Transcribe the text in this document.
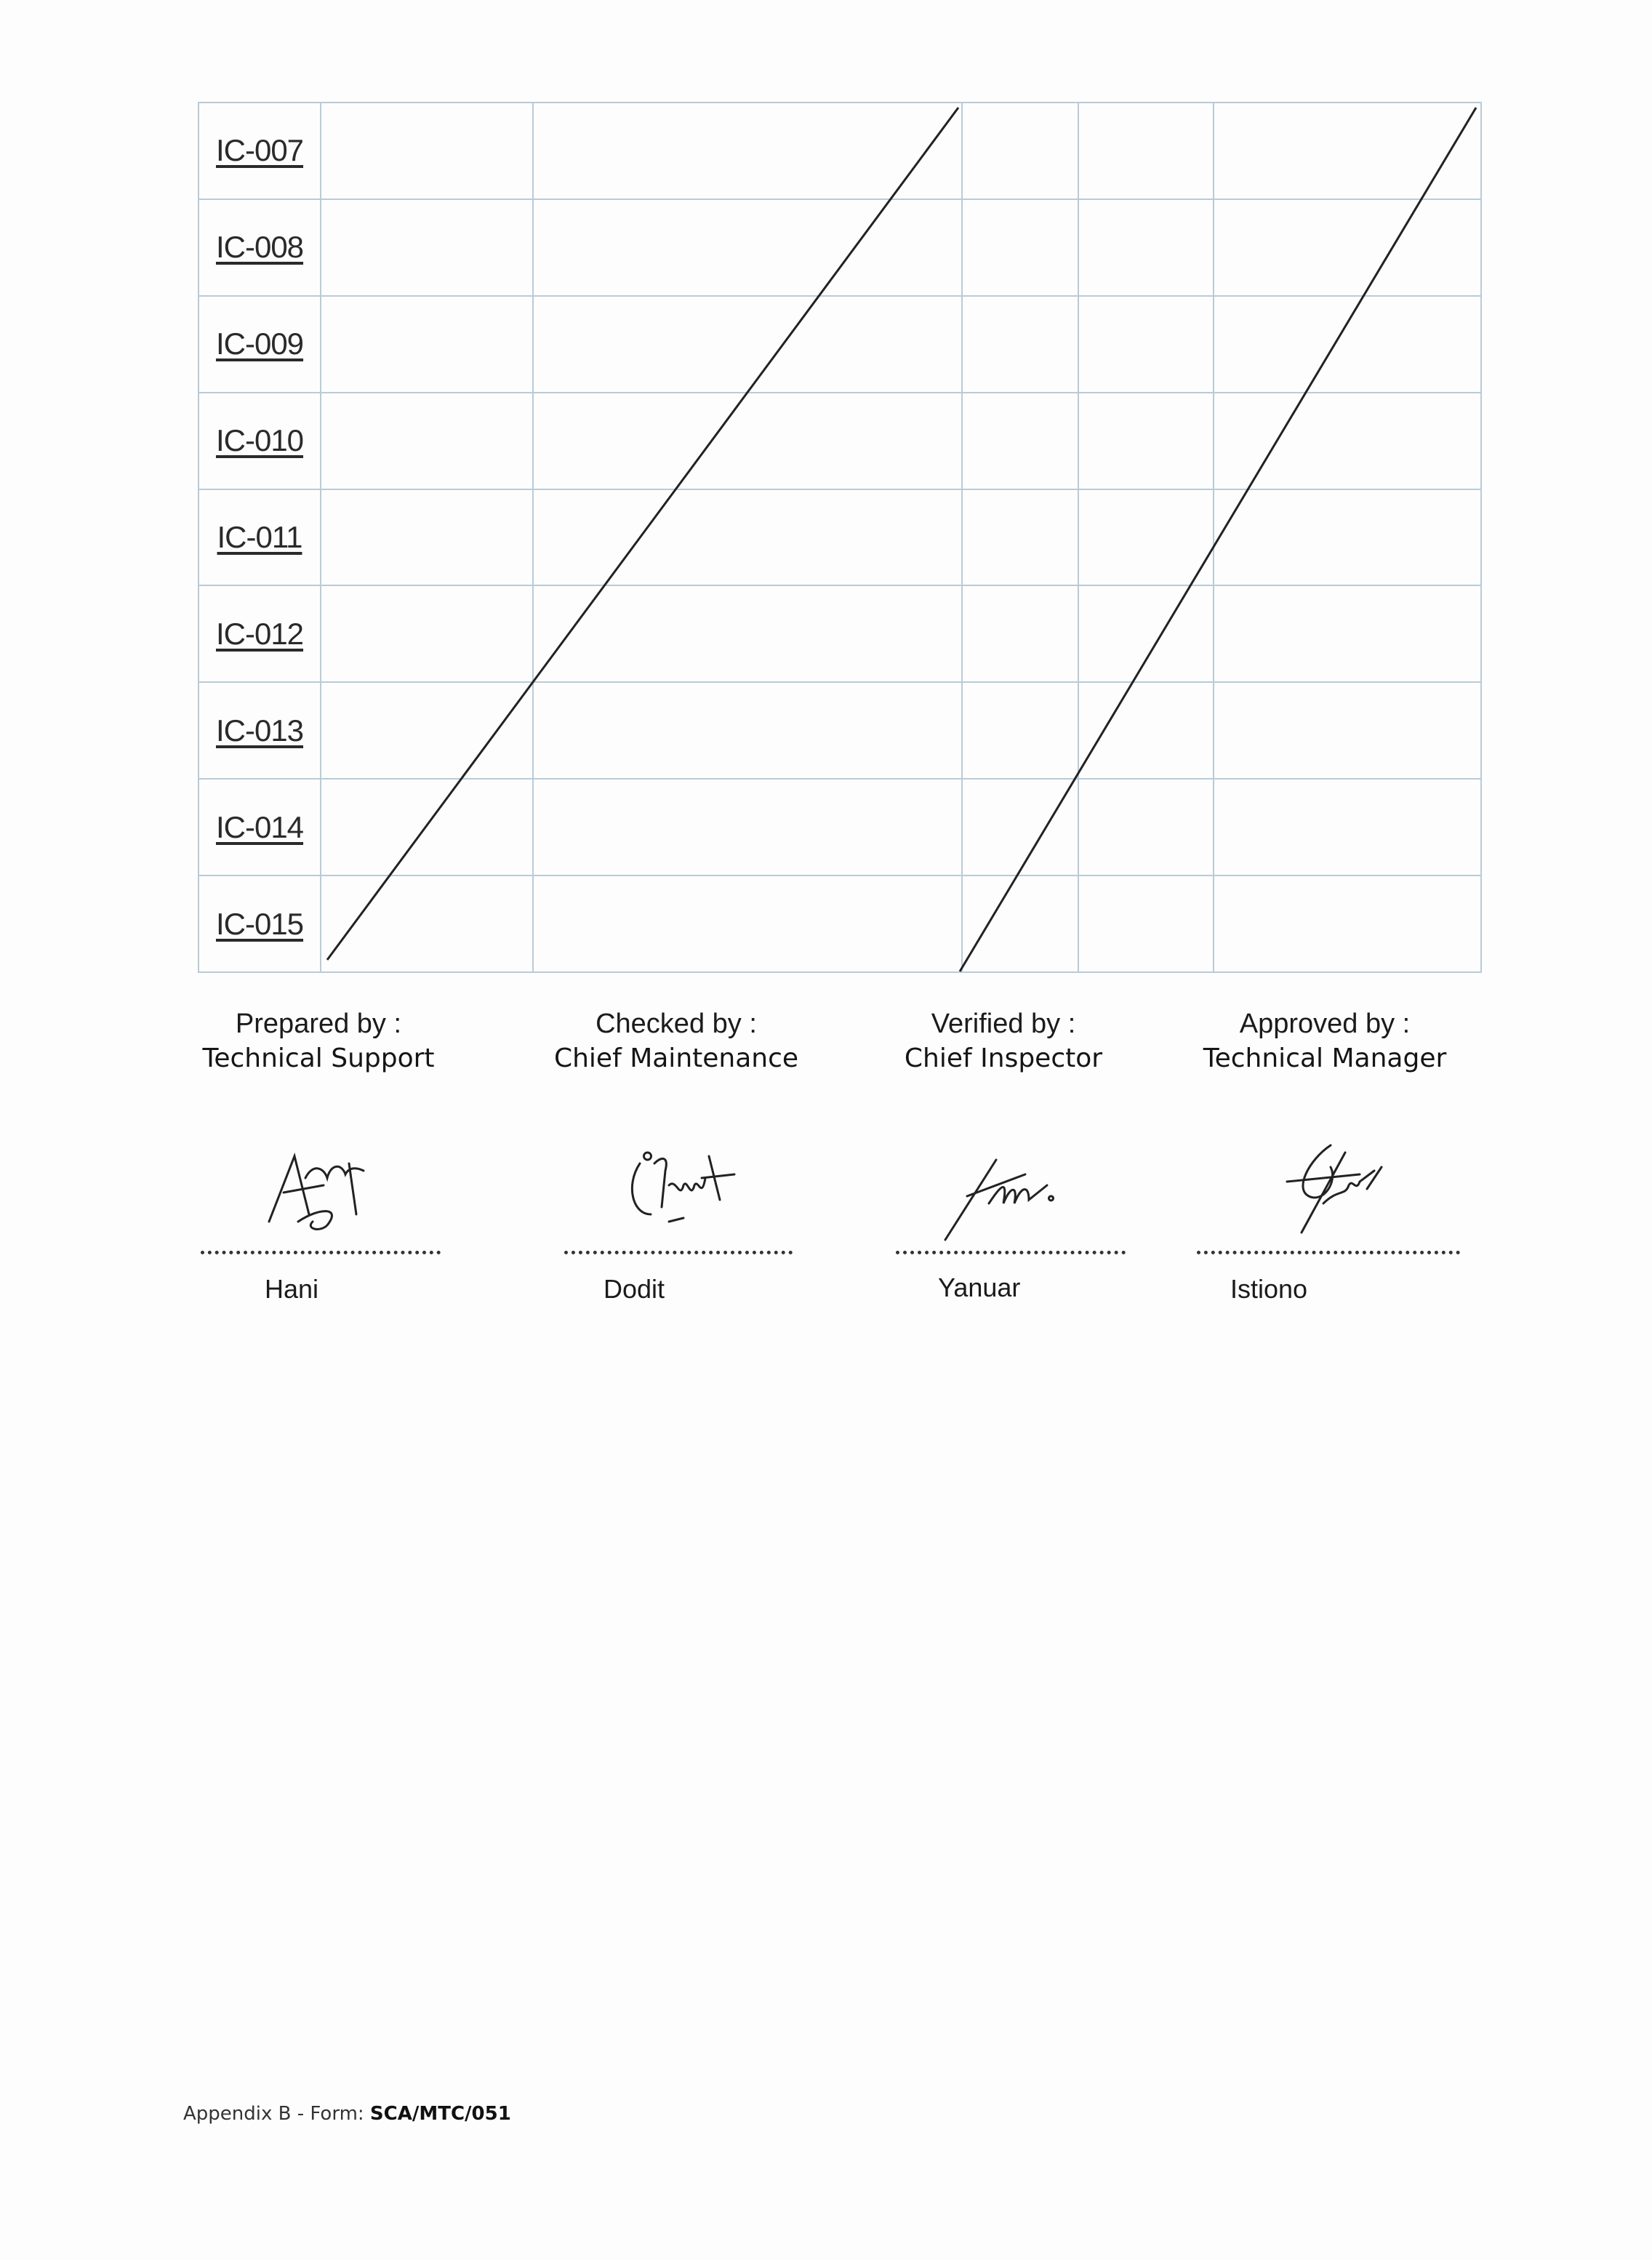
IC-007					
IC-008					
IC-009					
IC-010					
IC-011					
IC-012					
IC-013					
IC-014					
IC-015					
Prepared by :
Technical Support
Checked by :
Chief Maintenance
Verified by :
Chief Inspector
Approved by :
Technical Manager
Hani	Dodit	Yanuar	Istiono
Appendix B - Form: SCA/MTC/051
